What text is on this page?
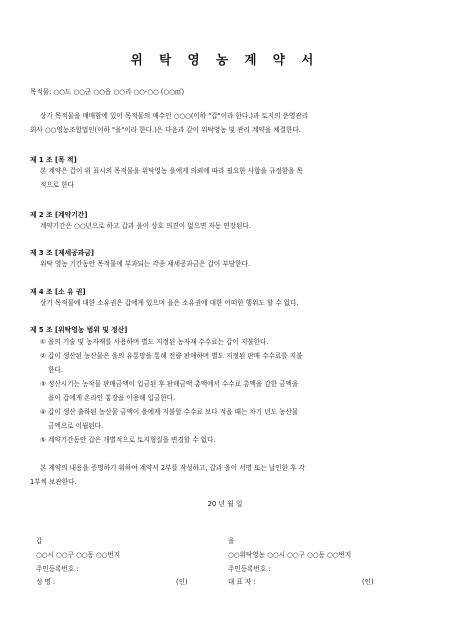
위 탁 영 농 계 약 서
목적물: ○○도 ○○군 ○○읍 ○○리 ○○-○○ (○○㎡)
상기 목적물을 매매함에 있어 목적물의 매수인 ○○○(이하 "갑"이라 한다.)과 토지의 운영관리
회사 ○○영농조합법인(이하 "을"이라 한다.)은 다음과 같이 위탁영농 및 관리 계약을 체결한다.
제 1 조 [목 적]
본 계약은 갑이 위 표시의 목적물을 위탁영농 을에게 의뢰에 따라 필요한 사항을 규정함을 목
적으로 한다
제 2 조 [계약기간]
계약기간은 ○○년으로 하고 갑과 을이 상호 의견이 없으면 자동 연장된다.
제 3 조 [제세공과금]
위탁 영농 기간동안 목적물에 부과되는 각종 제세공과금은 갑이 부담한다.
제 4 조 [소 유 권]
상기 목적물에 대한 소유권은 갑에게 있으며 을은 소유권에 대한 어떠한 행위도 할 수 없다.
제 5 조 [위탁영농 범위 및 정산]
① 을의 기술 및 농자재를 사용하며 별도 지정된 농자재 수수료는 갑이 지불한다.
② 갑이 생산된 농산물은 을의 유통망을 통해 전량 판매하며 별도 지정된 판매 수수료를 지불
한다.
③ 정산시기는 농작물 판매금액이 입금된 후 판매금액 총액에서 수수료 총액을 감한 금액을
을이 갑에게 온라인 통장을 이용해 입금한다.
④ 갑이 생산 출하된 농산물 금액이 을에게 지불할 수수료 보다 적을 때는 차기 년도 농산물
금액으로 이월된다.
⑤ 계약기간동안 갑은 개별적으로 토지형질을 변경할 수 없다.
본 계약의 내용을 증명하기 위하여 계약서 2부를 작성하고, 갑과 을이 서명 또는 날인한 후 각
1부씩 보관한다.
20 년 월 일
갑
○○시 ○○구 ○○동 ○○번지
주민등록번호 :
성 명 :	(인)
을
○○위탁영농 ○○시 ○○구 ○○동 ○○번지
주민등록번호 :
대 표 자 :	(인)
